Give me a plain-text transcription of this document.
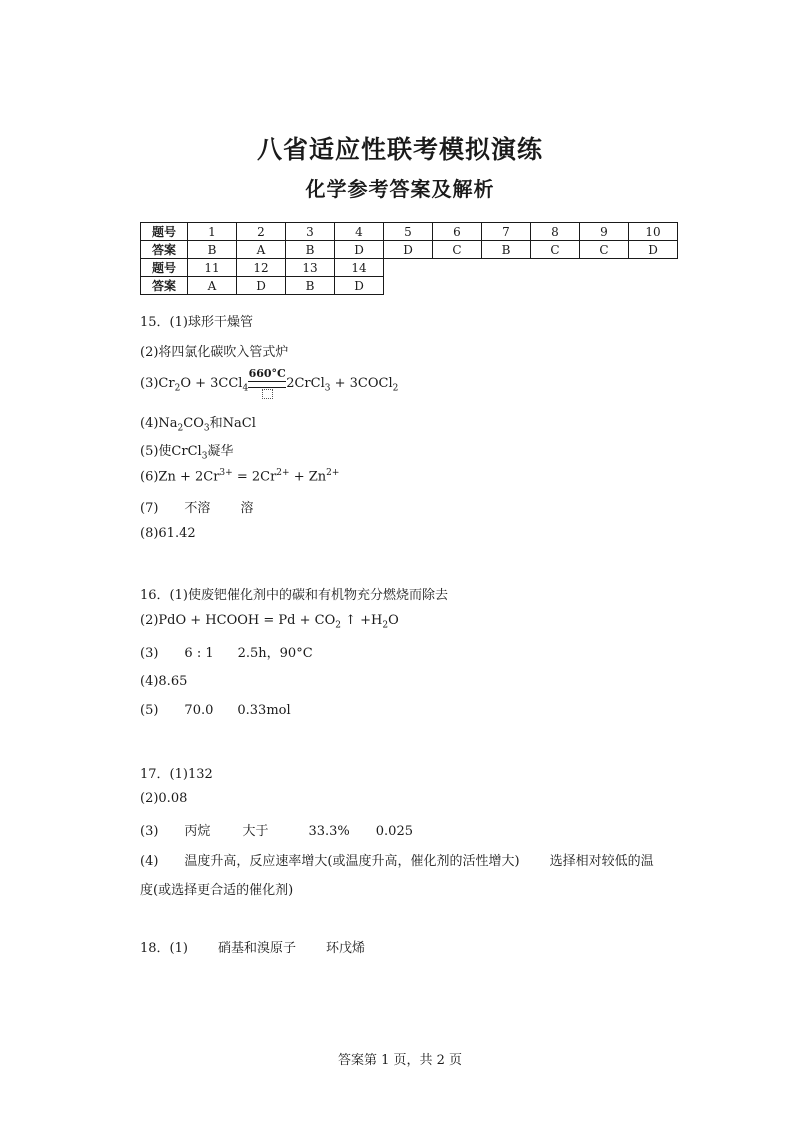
八省适应性联考模拟演练
化学参考答案及解析
题号	1	2	3	4	5	6	7	8	9	10
答案	B	A	B	D	D	C	B	C	C	D
题号	11	12	13	14						
答案	A	D	B	D						
15．(1)球形干燥管
(2)将四氯化碳吹入管式炉
$(3)Cr_2O + 3CCl_4$
660°C
2CrCl$_3$ + 3COCl$_2$
$(4)Na_2CO_3$和NaCl
(5)使CrCl$_3$凝华
$(6)Zn + 2Cr^{3+} = 2Cr^{2+} + Zn^{2+}$
(7) 不溶 溶
(8)61.42
16．(1)使废钯催化剂中的碳和有机物充分燃烧而除去
(2)PdO + HCOOH = $Pd + CO_2$ ↑ $+H_2O$
(3) 6 : 1 2.5h，90°C
(4)8.65
(5) 70.0 0.33mol
17．(1)132
(2)0.08
(3) 丙烷 大于	33.3% 0.025
(4) 温度升高，反应速率增大(或温度升高，催化剂的活性增大) 选择相对较低的温
度(或选择更合适的催化剂)
18．(1) 硝基和溴原子 环戊烯
答案第 1 页，共 2 页
